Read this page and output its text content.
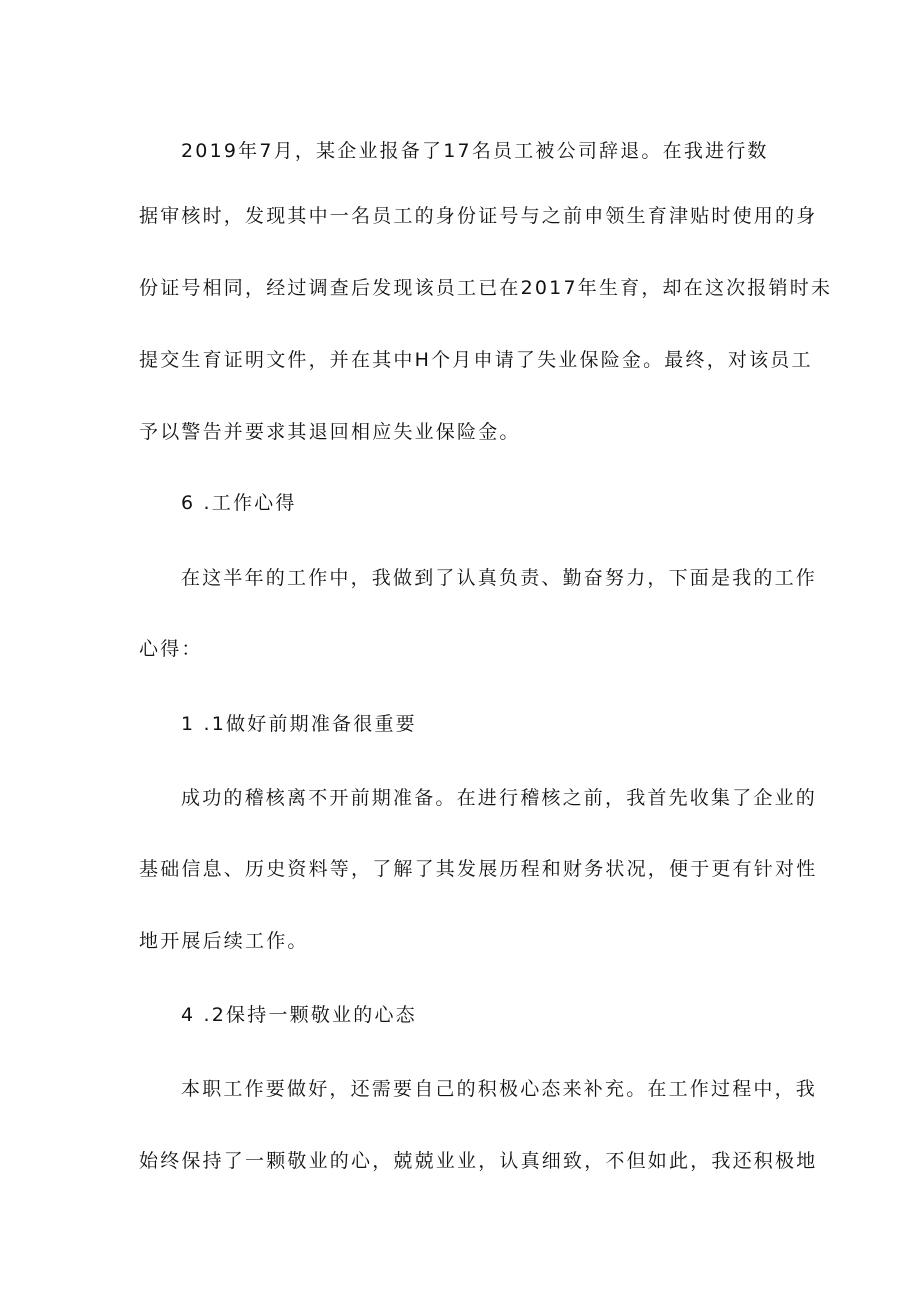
2019年7月，某企业报备了17名员工被公司辞退。在我进行数
据审核时，发现其中一名员工的身份证号与之前申领生育津贴时使用的身
份证号相同，经过调查后发现该员工已在2017年生育，却在这次报销时未
提交生育证明文件，并在其中H个月申请了失业保险金。最终，对该员工
予以警告并要求其退回相应失业保险金。
6 .工作心得
在这半年的工作中，我做到了认真负责、勤奋努力，下面是我的工作
心得：
1 .1做好前期准备很重要
成功的稽核离不开前期准备。在进行稽核之前，我首先收集了企业的
基础信息、历史资料等，了解了其发展历程和财务状况，便于更有针对性
地开展后续工作。
4 .2保持一颗敬业的心态
本职工作要做好，还需要自己的积极心态来补充。在工作过程中，我
始终保持了一颗敬业的心，兢兢业业，认真细致，不但如此，我还积极地
